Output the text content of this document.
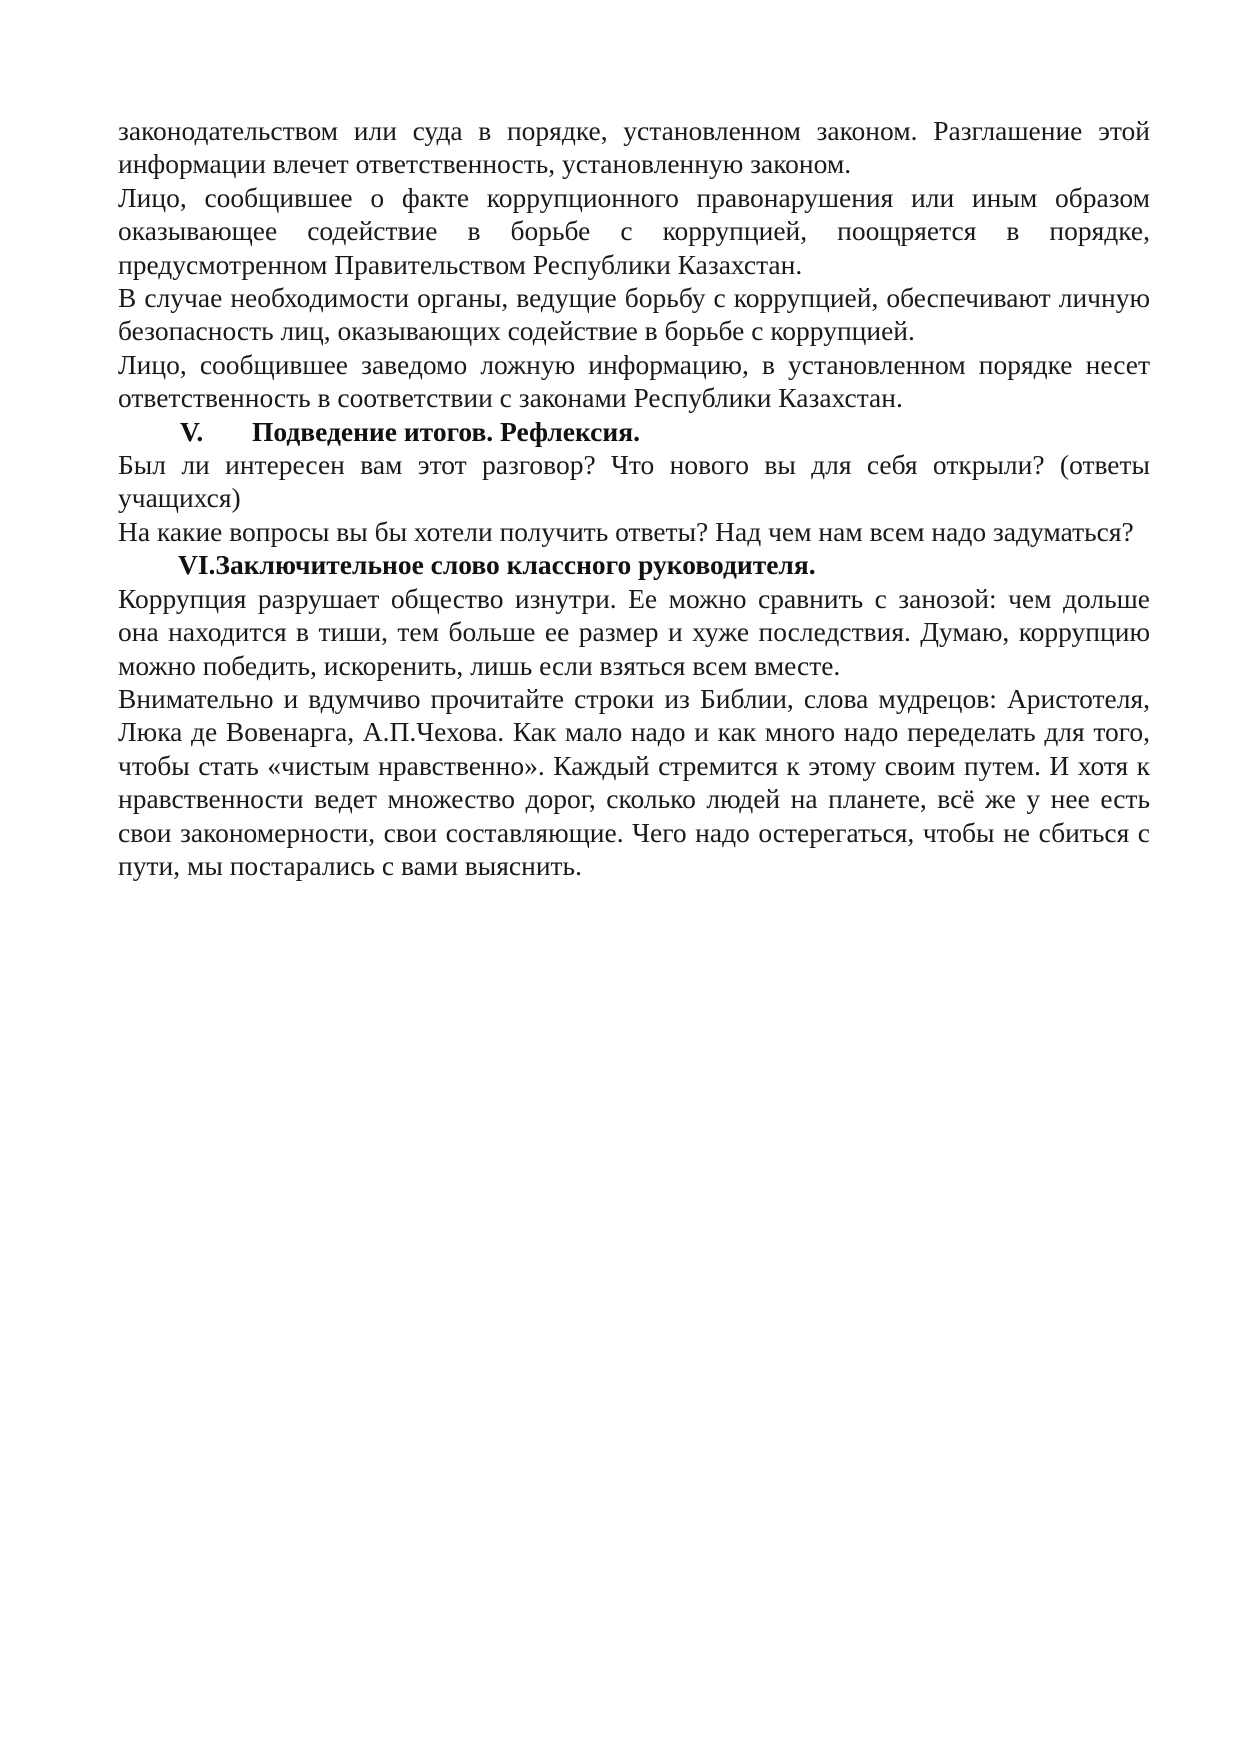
законодательством или суда в порядке, установленном законом. Разглашение этой информации влечет ответственность, установленную законом.

Лицо, сообщившее о факте коррупционного правонарушения или иным образом оказывающее содействие в борьбе с коррупцией, поощряется в порядке, предусмотренном Правительством Республики Казахстан.

В случае необходимости органы, ведущие борьбу с коррупцией, обеспечивают личную безопасность лиц, оказывающих содействие в борьбе с коррупцией.

Лицо, сообщившее заведомо ложную информацию, в установленном порядке несет ответственность в соответствии с законами Республики Казахстан.

V. Подведение итогов. Рефлексия.

Был ли интересен вам этот разговор? Что нового вы для себя открыли? (ответы учащихся)

На какие вопросы вы бы хотели получить ответы? Над чем нам всем надо задуматься?

VI.Заключительное слово классного руководителя.

Коррупция разрушает общество изнутри. Ее можно сравнить с занозой: чем дольше она находится в тиши, тем больше ее размер и хуже последствия. Думаю, коррупцию можно победить, искоренить, лишь если взяться всем вместе.

Внимательно и вдумчиво прочитайте строки из Библии, слова мудрецов: Аристотеля, Люка де Вовенарга, А.П.Чехова. Как мало надо и как много надо переделать для того, чтобы стать «чистым нравственно». Каждый стремится к этому своим путем. И хотя к нравственности ведет множество дорог, сколько людей на планете, всё же у нее есть свои закономерности, свои составляющие. Чего надо остерегаться, чтобы не сбиться с пути, мы постарались с вами выяснить.
